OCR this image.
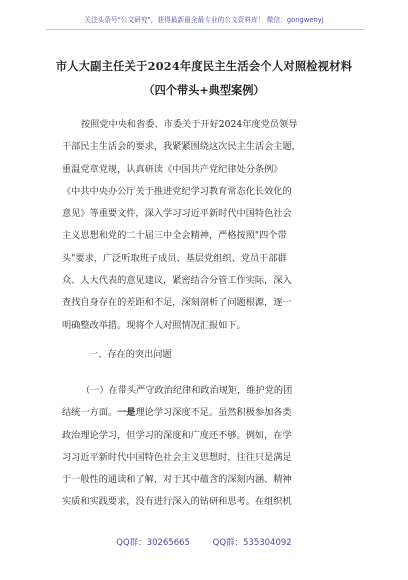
关注头条号"公文研究"，获得最新最全最专业的公文资料库！ 微信：gongwenyj
市人大副主任关于2024年度民主生活会个人对照检视材料
（四个带头+典型案例）
按照党中央和省委、市委关于开好2024年度党员领导
干部民主生活会的要求，我紧紧围绕这次民主生活会主题，
重温党章党规，认真研读《中国共产党纪律处分条例》
《中共中央办公厅关于推进党纪学习教育常态化长效化的
意见》等重要文件，深入学习习近平新时代中国特色社会
主义思想和党的二十届三中全会精神，严格按照"四个带
头"要求，广泛听取班子成员、基层党组织、党员干部群
众、人大代表的意见建议，紧密结合分管工作实际，深入
查找自身存在的差距和不足，深刻剖析了问题根源，逐一
明确整改举措。现将个人对照情况汇报如下。
一、存在的突出问题
（一）在带头严守政治纪律和政治规矩，维护党的团
结统一方面。一是理论学习深度不足。虽然积极参加各类
政治理论学习，但学习的深度和广度还不够。例如，在学
习习近平新时代中国特色社会主义思想时，往往只是满足
于一般性的通读和了解，对于其中蕴含的深刻内涵、精神
实质和实践要求，没有进行深入的钻研和思考。在组织机
QQ群：30265665	QQ群：535304092
